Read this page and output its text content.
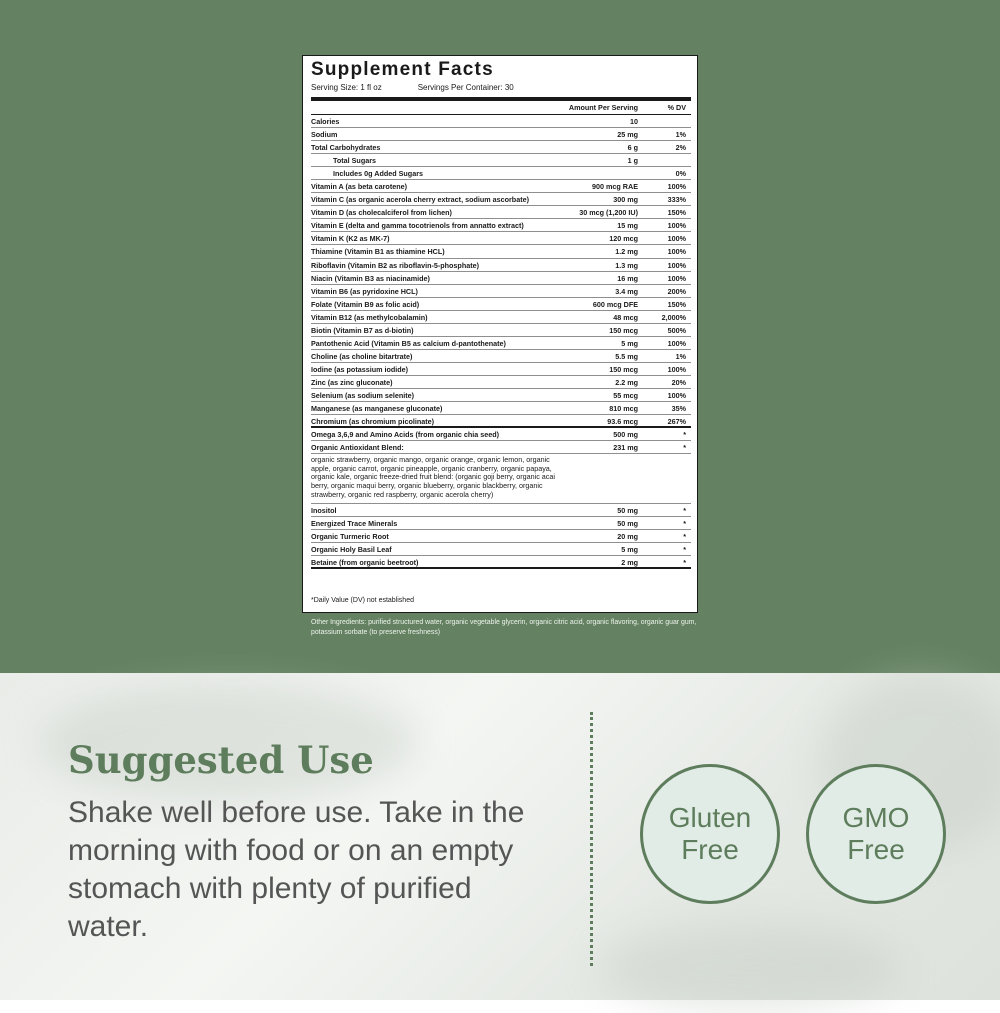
Supplement Facts
Serving Size: 1 fl oz	Servings Per Container: 30
Amount Per Serving	% DV
Calories	10
Sodium	25 mg	1%
Total Carbohydrates	6 g	2%
Total Sugars	1 g
Includes 0g Added Sugars	0%
Vitamin A (as beta carotene)	900 mcg RAE	100%
Vitamin C (as organic acerola cherry extract, sodium ascorbate)	300 mg	333%
Vitamin D (as cholecalciferol from lichen)	30 mcg (1,200 IU)	150%
Vitamin E (delta and gamma tocotrienols from annatto extract)	15 mg	100%
Vitamin K (K2 as MK-7)	120 mcg	100%
Thiamine (Vitamin B1 as thiamine HCL)	1.2 mg	100%
Riboflavin (Vitamin B2 as riboflavin-5-phosphate)	1.3 mg	100%
Niacin (Vitamin B3 as niacinamide)	16 mg	100%
Vitamin B6 (as pyridoxine HCL)	3.4 mg	200%
Folate (Vitamin B9 as folic acid)	600 mcg DFE	150%
Vitamin B12 (as methylcobalamin)	48 mcg	2,000%
Biotin (Vitamin B7 as d-biotin)	150 mcg	500%
Pantothenic Acid (Vitamin B5 as calcium d-pantothenate)	5 mg	100%
Choline (as choline bitartrate)	5.5 mg	1%
Iodine (as potassium iodide)	150 mcg	100%
Zinc (as zinc gluconate)	2.2 mg	20%
Selenium (as sodium selenite)	55 mcg	100%
Manganese (as manganese gluconate)	810 mcg	35%
Chromium (as chromium picolinate)	93.6 mcg	267%
Omega 3,6,9 and Amino Acids (from organic chia seed)	500 mg	*
Organic Antioxidant Blend:	231 mg	*
organic strawberry, organic mango, organic orange, organic lemon, organic apple, organic carrot, organic pineapple, organic cranberry, organic papaya, organic kale, organic freeze-dried fruit blend: (organic goji berry, organic acai berry, organic maqui berry, organic blueberry, organic blackberry, organic strawberry, organic red raspberry, organic acerola cherry)
Inositol	50 mg	*
Energized Trace Minerals	50 mg	*
Organic Turmeric Root	20 mg	*
Organic Holy Basil Leaf	5 mg	*
Betaine (from organic beetroot)	2 mg	*
*Daily Value (DV) not established
Other Ingredients: purified structured water, organic vegetable glycerin, organic citric acid, organic flavoring, organic guar gum, potassium sorbate (to preserve freshness)
Suggested Use
Shake well before use. Take in the morning with food or on an empty stomach with plenty of purified water.
Gluten
Free
GMO
Free
